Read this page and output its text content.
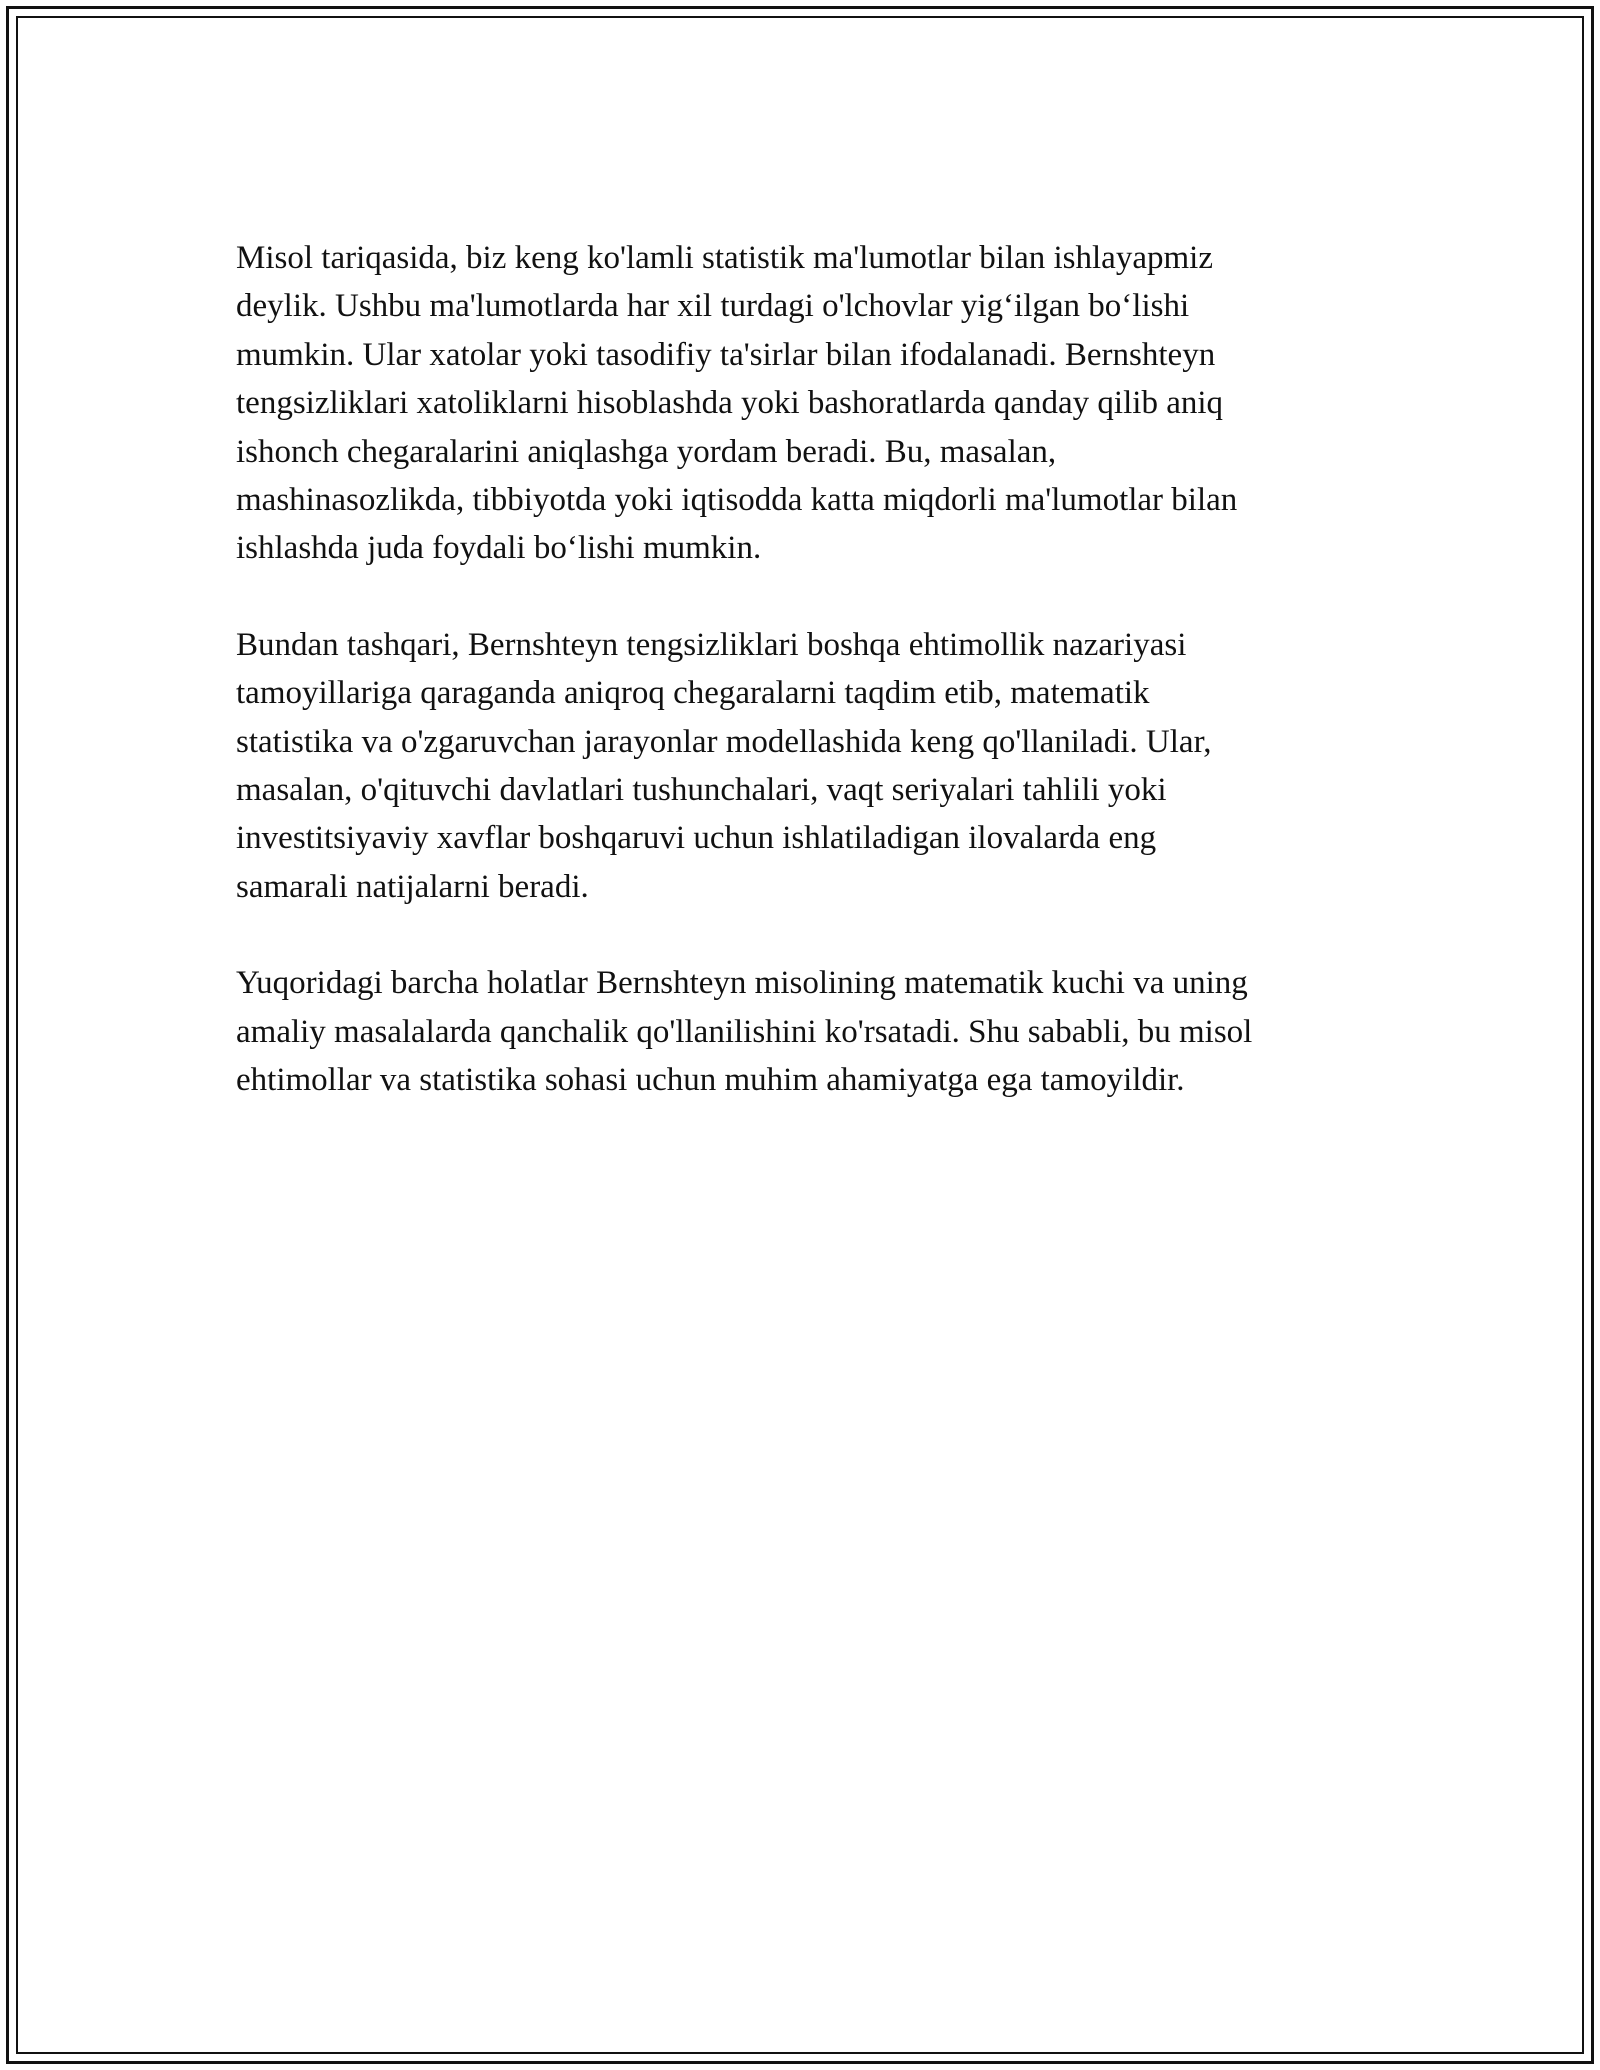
Misol tariqasida, biz keng ko'lamli statistik ma'lumotlar bilan ishlayapmiz
deylik. Ushbu ma'lumotlarda har xil turdagi o'lchovlar yig‘ilgan bo‘lishi
mumkin. Ular xatolar yoki tasodifiy ta'sirlar bilan ifodalanadi. Bernshteyn
tengsizliklari xatoliklarni hisoblashda yoki bashoratlarda qanday qilib aniq
ishonch chegaralarini aniqlashga yordam beradi. Bu, masalan,
mashinasozlikda, tibbiyotda yoki iqtisodda katta miqdorli ma'lumotlar bilan
ishlashda juda foydali bo‘lishi mumkin.

Bundan tashqari, Bernshteyn tengsizliklari boshqa ehtimollik nazariyasi
tamoyillariga qaraganda aniqroq chegaralarni taqdim etib, matematik
statistika va o'zgaruvchan jarayonlar modellashida keng qo'llaniladi. Ular,
masalan, o'qituvchi davlatlari tushunchalari, vaqt seriyalari tahlili yoki
investitsiyaviy xavflar boshqaruvi uchun ishlatiladigan ilovalarda eng
samarali natijalarni beradi.

Yuqoridagi barcha holatlar Bernshteyn misolining matematik kuchi va uning
amaliy masalalarda qanchalik qo'llanilishini ko'rsatadi. Shu sababli, bu misol
ehtimollar va statistika sohasi uchun muhim ahamiyatga ega tamoyildir.
